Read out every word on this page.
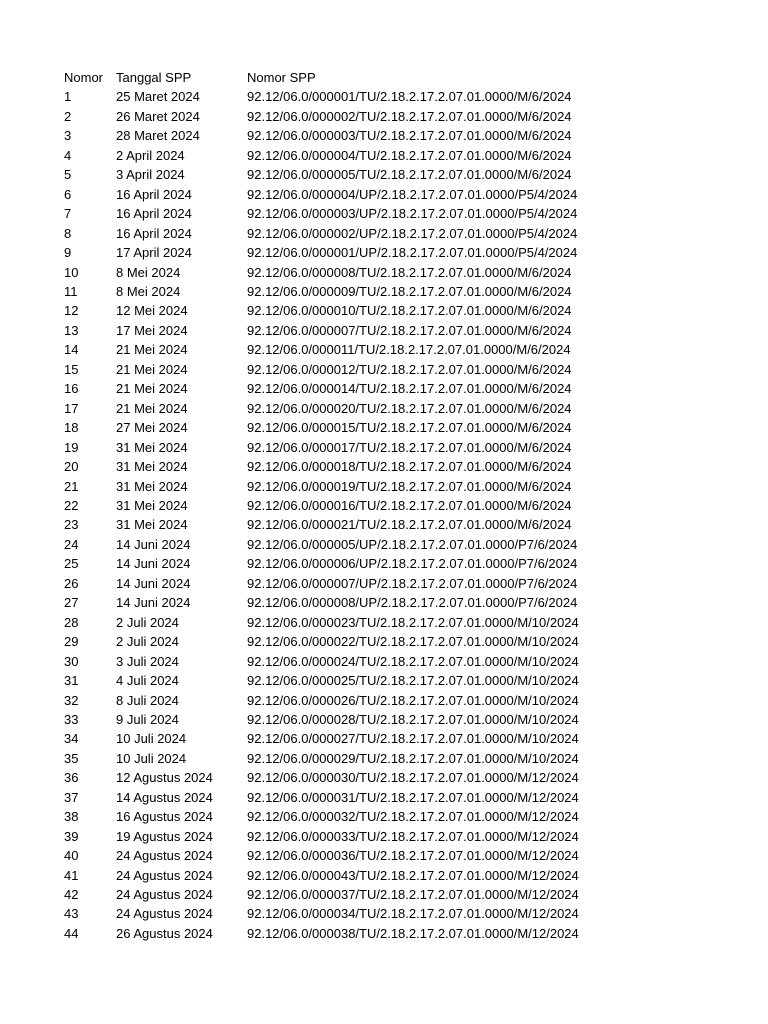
Nomor	Tanggal SPP	Nomor SPP
1	25 Maret 2024	92.12/06.0/000001/TU/2.18.2.17.2.07.01.0000/M/6/2024
2	26 Maret 2024	92.12/06.0/000002/TU/2.18.2.17.2.07.01.0000/M/6/2024
3	28 Maret 2024	92.12/06.0/000003/TU/2.18.2.17.2.07.01.0000/M/6/2024
4	2 April 2024	92.12/06.0/000004/TU/2.18.2.17.2.07.01.0000/M/6/2024
5	3 April 2024	92.12/06.0/000005/TU/2.18.2.17.2.07.01.0000/M/6/2024
6	16 April 2024	92.12/06.0/000004/UP/2.18.2.17.2.07.01.0000/P5/4/2024
7	16 April 2024	92.12/06.0/000003/UP/2.18.2.17.2.07.01.0000/P5/4/2024
8	16 April 2024	92.12/06.0/000002/UP/2.18.2.17.2.07.01.0000/P5/4/2024
9	17 April 2024	92.12/06.0/000001/UP/2.18.2.17.2.07.01.0000/P5/4/2024
10	8 Mei 2024	92.12/06.0/000008/TU/2.18.2.17.2.07.01.0000/M/6/2024
11	8 Mei 2024	92.12/06.0/000009/TU/2.18.2.17.2.07.01.0000/M/6/2024
12	12 Mei 2024	92.12/06.0/000010/TU/2.18.2.17.2.07.01.0000/M/6/2024
13	17 Mei 2024	92.12/06.0/000007/TU/2.18.2.17.2.07.01.0000/M/6/2024
14	21 Mei 2024	92.12/06.0/000011/TU/2.18.2.17.2.07.01.0000/M/6/2024
15	21 Mei 2024	92.12/06.0/000012/TU/2.18.2.17.2.07.01.0000/M/6/2024
16	21 Mei 2024	92.12/06.0/000014/TU/2.18.2.17.2.07.01.0000/M/6/2024
17	21 Mei 2024	92.12/06.0/000020/TU/2.18.2.17.2.07.01.0000/M/6/2024
18	27 Mei 2024	92.12/06.0/000015/TU/2.18.2.17.2.07.01.0000/M/6/2024
19	31 Mei 2024	92.12/06.0/000017/TU/2.18.2.17.2.07.01.0000/M/6/2024
20	31 Mei 2024	92.12/06.0/000018/TU/2.18.2.17.2.07.01.0000/M/6/2024
21	31 Mei 2024	92.12/06.0/000019/TU/2.18.2.17.2.07.01.0000/M/6/2024
22	31 Mei 2024	92.12/06.0/000016/TU/2.18.2.17.2.07.01.0000/M/6/2024
23	31 Mei 2024	92.12/06.0/000021/TU/2.18.2.17.2.07.01.0000/M/6/2024
24	14 Juni 2024	92.12/06.0/000005/UP/2.18.2.17.2.07.01.0000/P7/6/2024
25	14 Juni 2024	92.12/06.0/000006/UP/2.18.2.17.2.07.01.0000/P7/6/2024
26	14 Juni 2024	92.12/06.0/000007/UP/2.18.2.17.2.07.01.0000/P7/6/2024
27	14 Juni 2024	92.12/06.0/000008/UP/2.18.2.17.2.07.01.0000/P7/6/2024
28	2 Juli 2024	92.12/06.0/000023/TU/2.18.2.17.2.07.01.0000/M/10/2024
29	2 Juli 2024	92.12/06.0/000022/TU/2.18.2.17.2.07.01.0000/M/10/2024
30	3 Juli 2024	92.12/06.0/000024/TU/2.18.2.17.2.07.01.0000/M/10/2024
31	4 Juli 2024	92.12/06.0/000025/TU/2.18.2.17.2.07.01.0000/M/10/2024
32	8 Juli 2024	92.12/06.0/000026/TU/2.18.2.17.2.07.01.0000/M/10/2024
33	9 Juli 2024	92.12/06.0/000028/TU/2.18.2.17.2.07.01.0000/M/10/2024
34	10 Juli 2024	92.12/06.0/000027/TU/2.18.2.17.2.07.01.0000/M/10/2024
35	10 Juli 2024	92.12/06.0/000029/TU/2.18.2.17.2.07.01.0000/M/10/2024
36	12 Agustus 2024	92.12/06.0/000030/TU/2.18.2.17.2.07.01.0000/M/12/2024
37	14 Agustus 2024	92.12/06.0/000031/TU/2.18.2.17.2.07.01.0000/M/12/2024
38	16 Agustus 2024	92.12/06.0/000032/TU/2.18.2.17.2.07.01.0000/M/12/2024
39	19 Agustus 2024	92.12/06.0/000033/TU/2.18.2.17.2.07.01.0000/M/12/2024
40	24 Agustus 2024	92.12/06.0/000036/TU/2.18.2.17.2.07.01.0000/M/12/2024
41	24 Agustus 2024	92.12/06.0/000043/TU/2.18.2.17.2.07.01.0000/M/12/2024
42	24 Agustus 2024	92.12/06.0/000037/TU/2.18.2.17.2.07.01.0000/M/12/2024
43	24 Agustus 2024	92.12/06.0/000034/TU/2.18.2.17.2.07.01.0000/M/12/2024
44	26 Agustus 2024	92.12/06.0/000038/TU/2.18.2.17.2.07.01.0000/M/12/2024
